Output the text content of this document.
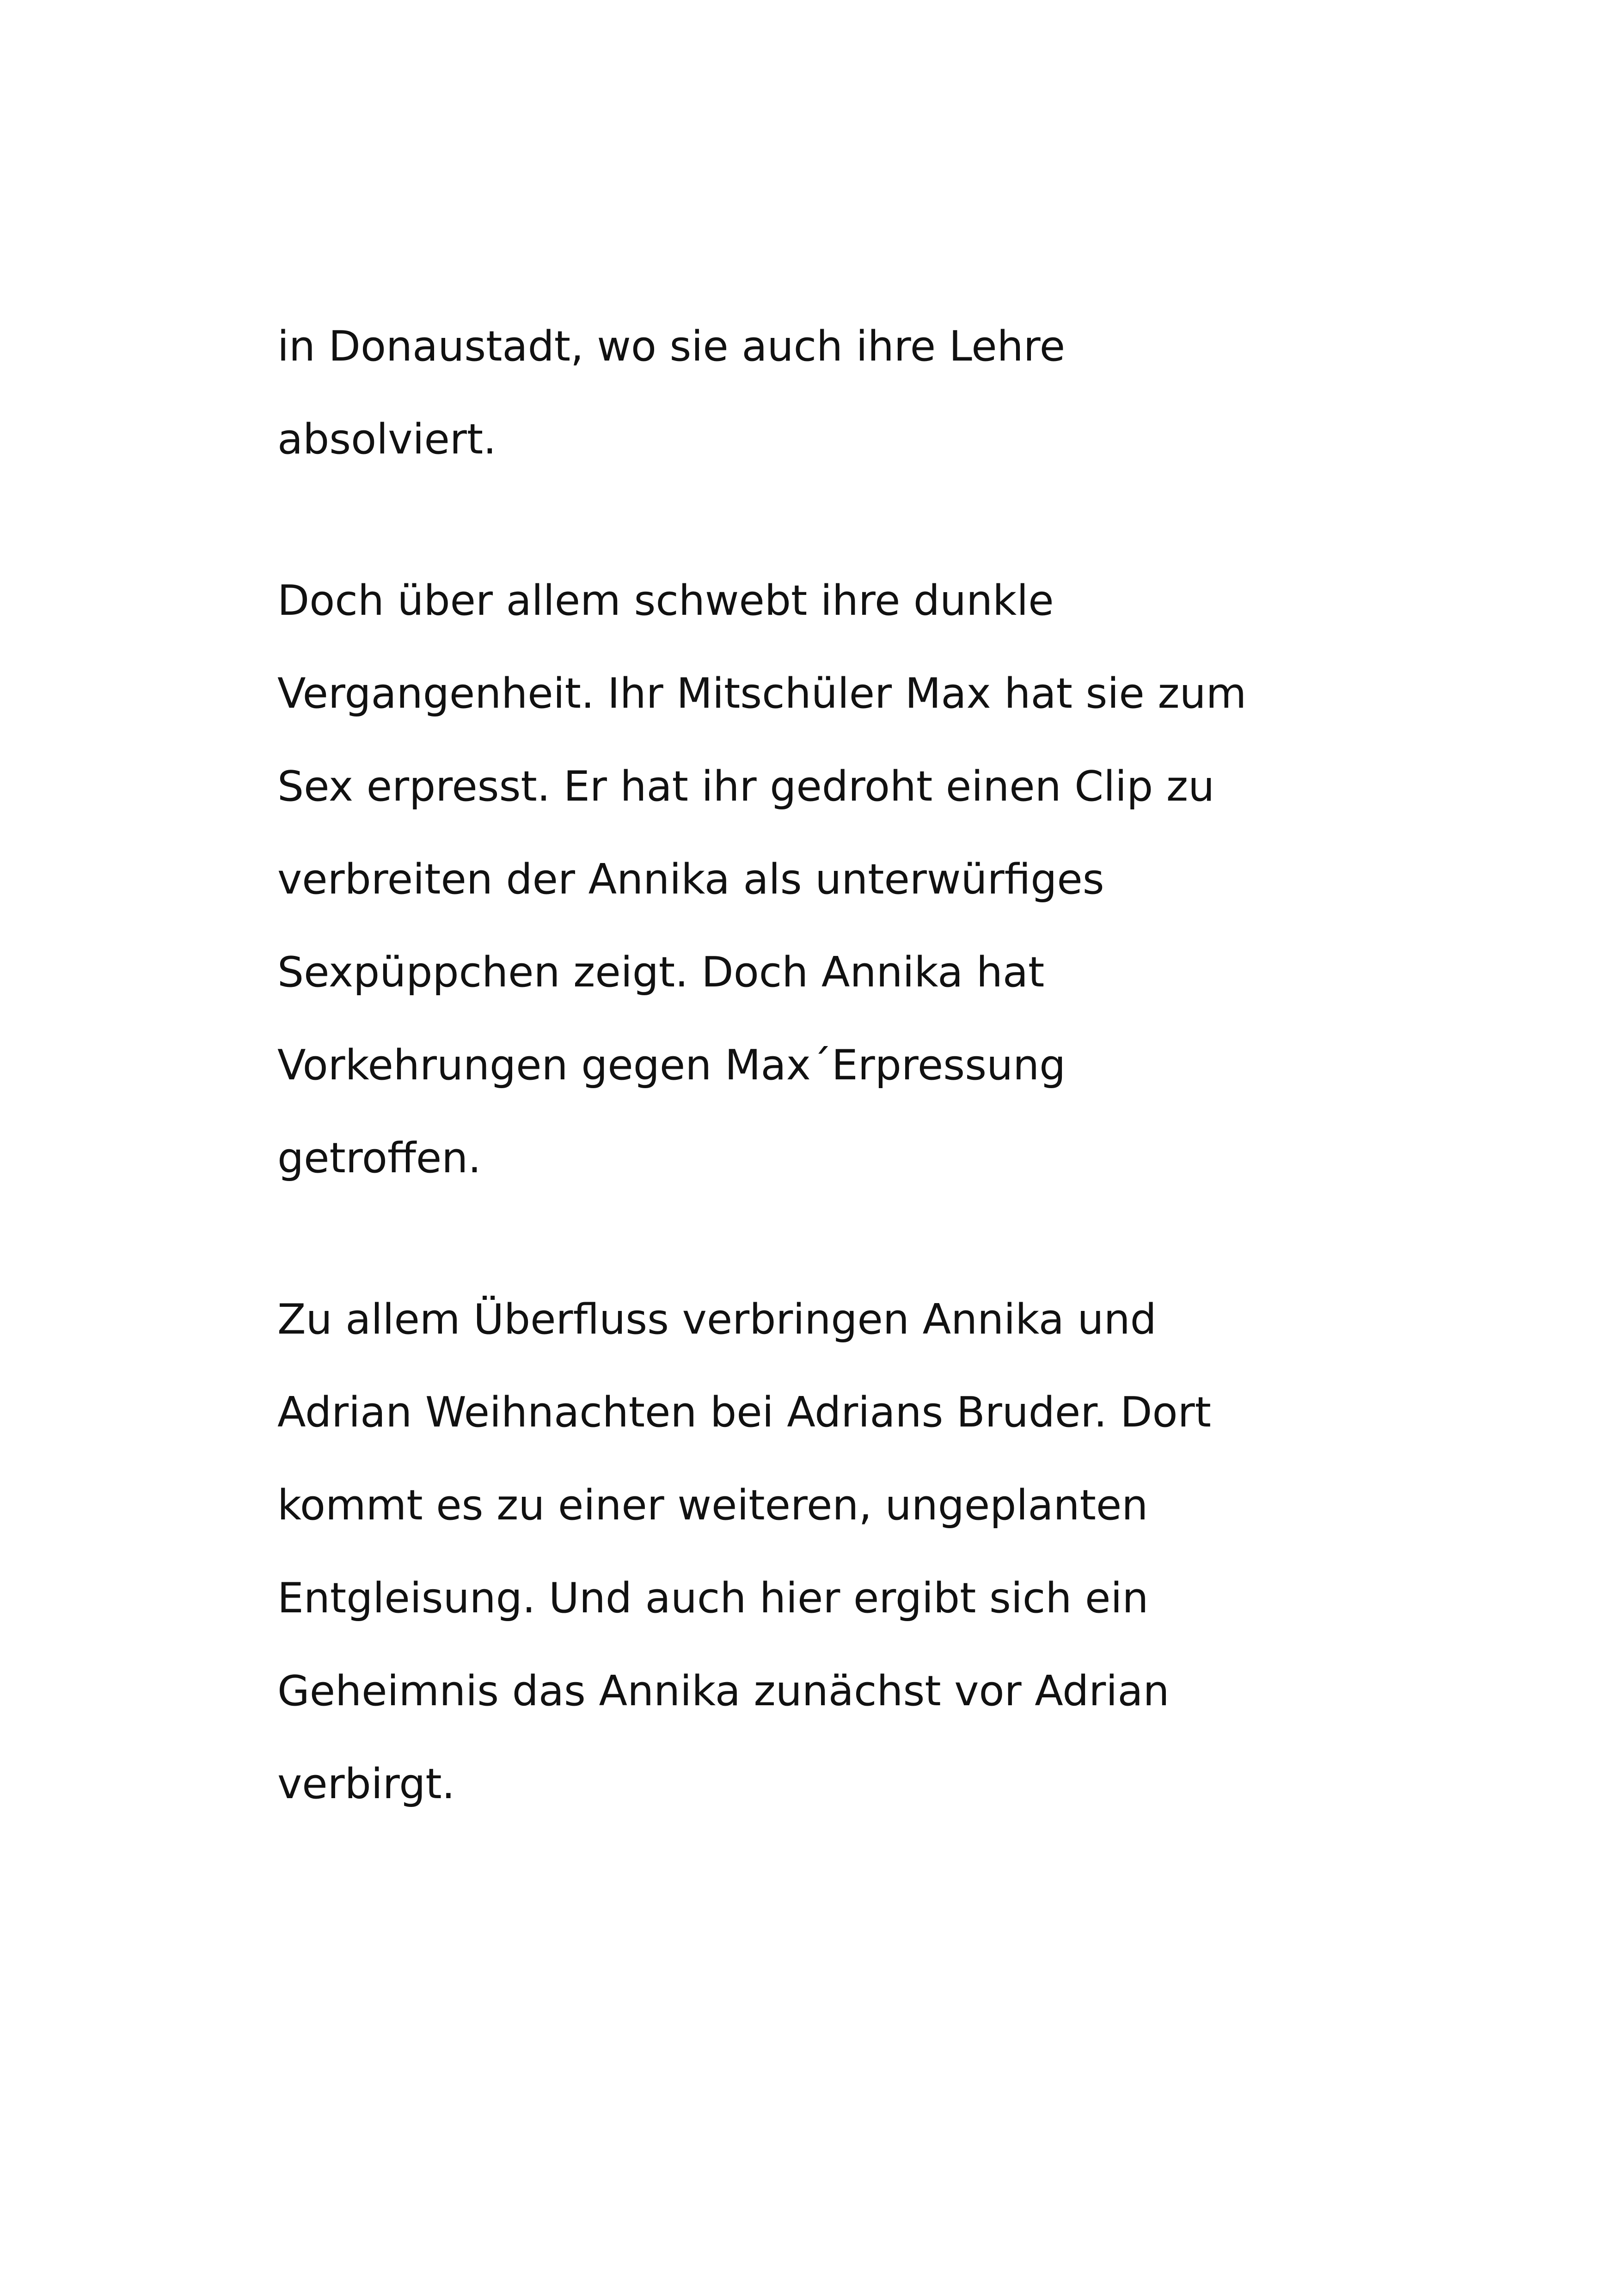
in Donaustadt, wo sie auch ihre Lehre
absolviert.
Doch über allem schwebt ihre dunkle
Vergangenheit. Ihr Mitschüler Max hat sie zum
Sex erpresst. Er hat ihr gedroht einen Clip zu
verbreiten der Annika als unterwürfiges
Sexpüppchen zeigt. Doch Annika hat
Vorkehrungen gegen Max´Erpressung
getroffen.
Zu allem Überfluss verbringen Annika und
Adrian Weihnachten bei Adrians Bruder. Dort
kommt es zu einer weiteren, ungeplanten
Entgleisung. Und auch hier ergibt sich ein
Geheimnis das Annika zunächst vor Adrian
verbirgt.
